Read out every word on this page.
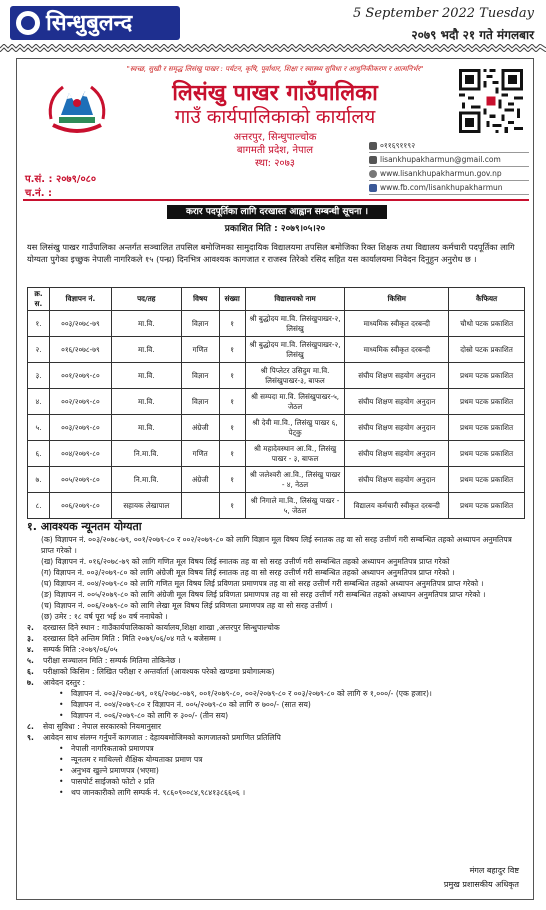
सिन्धुबुलन्द	5 September 2022 Tuesday
२०७९ भदौ २१ गते मंगलबार
"स्वच्छ, सुखी र समृद्ध लिसंखु पाखर : पर्यटन, कृषि, पूर्वाधार, शिक्षा र स्वास्थ्य सुविधा र आधुनिकीकरण र आत्मनिर्भर"
लिसंखु पाखर गाउँपालिका
गाउँ कार्यपालिकाको कार्यालय
अत्तरपुर, सिन्धुपाल्चोक
बागमती प्रदेश, नेपाल
स्था: २०७३
०११६९११९२
lisankhupakharmun@gmail.com
www.lisankhupakharmun.gov.np
www.fb.com/lisankhupakharmun
प.सं. : २०७९/०८०
च.नं. :
करार पदपूर्तिका लागि दरखास्त आह्वान सम्बन्धी सूचना ।
प्रकाशित मिति : २०७९।०५।२०
यस लिसंखु पाखर गाउँपालिका अन्तर्गत सञ्चालित तपसिल बमोजिमका सामुदायिक विद्यालयमा तपसिल बमोजिका रिक्त शिक्षक तथा विद्यालय कर्मचारी पदपूर्तिका लागि योग्यता पुगेका इच्छुक नेपाली नागरिकले १५ (पन्ध्र) दिनभित्र आवश्यक कागजात र राजस्व तिरेको रसिद सहित यस कार्यालयमा निवेदन दिनुहुन अनुरोध छ ।
क्र. स.	विज्ञापन नं.	पद/तह	विषय	संख्या	विद्यालयको नाम	किसिम	कैफियत
१.	००३/२०७८-७९	मा.वि.	विज्ञान	१	श्री बुद्धोदय मा.वि. लिसंखुपाखर-२, लिसंखु	माध्यमिक स्वीकृत दरबन्दी	चौथो पटक प्रकाशित
२.	०१६/२०७८-७९	मा.वि.	गणित	१	श्री बुद्धोदय मा.वि. लिसंखुपाखर-२, लिसंखु	माध्यमिक स्वीकृत दरबन्दी	दोस्रो पटक प्रकाशित
३.	००१/२०७९-८०	मा.वि.	विज्ञान	१	श्री पिप्लेटर उसिदुम मा.वि. लिसंखुपाखर-३, बाफल	संघीय शिक्षण सहयोग अनुदान	प्रथम पटक प्रकाशित
४.	००२/२०७९-८०	मा.वि.	विज्ञान	१	श्री सम्पदा मा.वि. लिसंखुपाखर-५, जेठल	संघीय शिक्षण सहयोग अनुदान	प्रथम पटक प्रकाशित
५.	००३/२०७९-८०	मा.वि.	अंग्रेजी	१	श्री देवी मा.वि., लिसंखु पाखर ६, पेट्कु	संघीय शिक्षण सहयोग अनुदान	प्रथम पटक प्रकाशित
६.	००४/२०७९-८०	नि.मा.वि.	गणित	१	श्री महादेवस्थान आ.वि., लिसंखु पाखर - ३, बाफल	संघीय शिक्षण सहयोग अनुदान	प्रथम पटक प्रकाशित
७.	००५/२०७९-८०	नि.मा.वि.	अंग्रेजी	१	श्री जलेश्वरी आ.वि., लिसंखु पाखर - ४, नेठल	संघीय शिक्षण सहयोग अनुदान	प्रथम पटक प्रकाशित
८.	००६/२०७९-८०	सहायक लेखापाल		१	श्री निगाले मा.वि., लिसंखु पाखर - ५, जेठल	विद्यालय कर्मचारी स्वीकृत दरबन्दी	प्रथम पटक प्रकाशित
१. आवश्यक न्यूनतम योग्यता
(क) विज्ञापन नं. ००३/२०७८-७९, ००१/२०७९-८० र ००२/२०७९-८० को लागि विज्ञान मूल विषय लिई स्नातक तह वा सो सरह उत्तीर्ण गरी सम्बन्धित तहको अध्यापन अनुमतिपत्र प्राप्त गरेको ।
(ख) विज्ञापन नं. ०१६/२०७८-७९ को लागि गणित मूल विषय लिई स्नातक तह वा सो सरह उत्तीर्ण गरी सम्बन्धित तहको अध्यापन अनुमतिपत्र प्राप्त गरेको
(ग) विज्ञापन नं. ००३/२०७९-८० को लागि अंग्रेजी मूल विषय लिई स्नातक तह वा सो सरह उत्तीर्ण गरी सम्बन्धित तहको अध्यापन अनुमतिपत्र प्राप्त गरेको ।
(घ) विज्ञापन नं. ००४/२०७९-८० को लागि गणित मूल विषय लिई प्रविणता प्रमाणपत्र तह वा सो सरह उत्तीर्ण गरी सम्बन्धित तहको अध्यापन अनुमतिपत्र प्राप्त गरेको ।
(ङ) विज्ञापन नं. ००५/२०७९-८० को लागि अंग्रेजी मूल विषय लिई प्रविणता प्रमाणपत्र तह वा सो सरह उत्तीर्ण गरी सम्बन्धित तहको अध्यापन अनुमतिपत्र प्राप्त गरेको ।
(च) विज्ञापन नं. ००६/२०७९-८० को लागि लेखा मूल विषय लिई प्रविणता प्रमाणपत्र तह वा सो सरह उत्तीर्ण ।
(छ) उमेर : १८ वर्ष पूरा भई ४० वर्ष ननाघेको ।
२.	दरखास्त दिने स्थान : गाउँकार्यपालिकाको कार्यालय,शिक्षा शाखा ,अत्तरपुर सिन्धुपाल्चोक
३.	दरखास्त दिने अन्तिम मिति : मिति २०७९/०६/०४ गते ५ बजेसम्म ।
४.	सम्पर्क मिति :२०७९/०६/०५
५.	परीक्षा सञ्चालन मिति : सम्पर्क मितिमा तोकिनेछ ।
६.	परीक्षाको किसिम : लिखित परीक्षा र अन्तर्वार्ता (आवश्यक परेको खण्डमा प्रयोगात्मक)
७.	आवेदन दस्तुर :
• विज्ञापन नं. ००३/२०७८-७९, ०१६/२०७८-०७९, ००१/२०७९-८०, ००२/२०७९-८० र ००३/२०७९-८० को लागि रु १,०००/- (एक हजार)।
• विज्ञापन नं. ००४/२०७९-८० र विज्ञापन नं. ००५/२०७९-८० को लागि रु ७००/- (सात सय)
• विज्ञापन नं. ००६/२०७९-८० को लागि रु ३००/- (तीन सय)
८.	सेवा सुविधा : नेपाल सरकारको नियमानुसार
९.	आवेदन साथ संलग्न गर्नुपर्ने कागजात : देहायबमोजिमको कागजातको प्रमाणित प्रतिलिपि
• नेपाली नागरिकताको प्रमाणपत्र
• न्यूनतम र माथिल्लो शैक्षिक योग्यताका प्रमाण पत्र
• अनुभव खुल्ने प्रमाणपत्र (भएमा)
• पासपोर्ट साईजको फोटो २ प्रति
• थप जानकारीको लागि सम्पर्क नं. ९८६०९००८४,९८४१३८६६०६ ।
मंगल बहादुर विष्ट
प्रमुख प्रशासकीय अधिकृत
